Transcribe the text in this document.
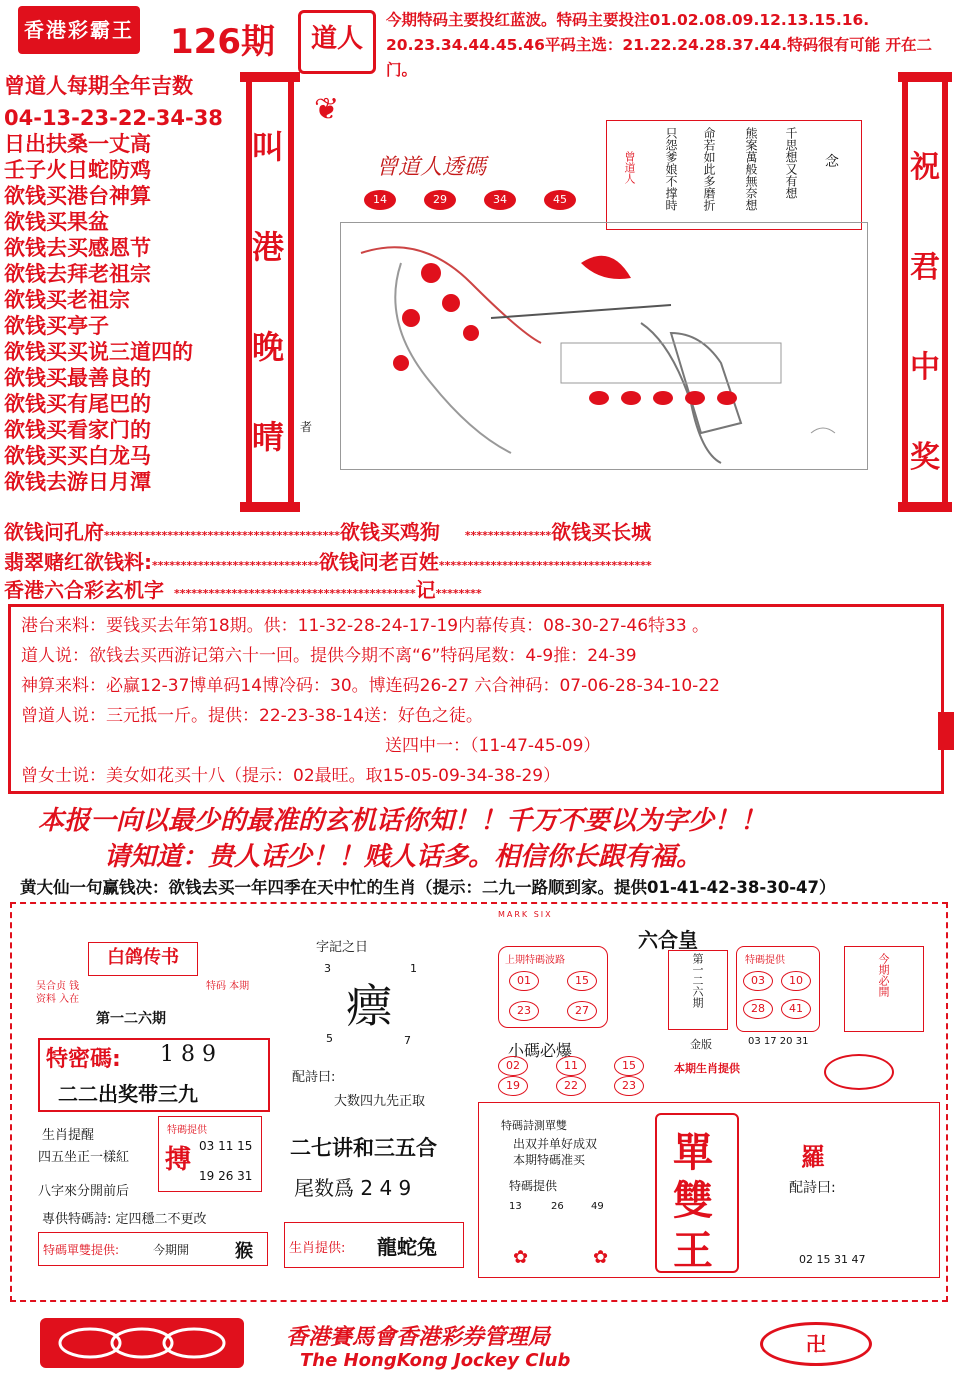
香港彩霸王 126期	道人
今期特码主要投红蓝波。特码主要投注01.02.08.09.12.13.15.16. 20.23.34.44.45.46平码主选：21.22.24.28.37.44.特码很有可能 开在二门。
曾道人每期全年吉数
04-13-23-22-34-38
日出扶桑一丈高
壬子火日蛇防鸡
欲钱买港台神算
欲钱买果盆
欲钱去买感恩节
欲钱去拜老祖宗
欲钱买老祖宗
欲钱买亭子
欲钱买买说三道四的
欲钱买最善良的
欲钱买有尾巴的
欲钱买看家门的
欲钱买买白龙马
欲钱去游日月潭
叫
港
晚
晴
❦
曾道人透碼
14	29	34	45
千思想又有想
熊案萬般無奈想
命若如此多磨折
只怨爹娘不撑時	念
曾道人
者
祝
君
中
奖
欲钱问孔府*****************************************欲钱买鸡狗 ***************欲钱买长城
翡翠赌红欲钱料:*****************************欲钱问老百姓*************************************
香港六合彩玄机字 ******************************************记********
港台来料：要钱买去年第18期。供：11-32-28-24-17-19内幕传真：08-30-27-46特33 。
道人说：欲钱去买西游记第六十一回。提供今期不离“6”特码尾数：4-9推：24-39
神算来料：必赢12-37博单码14博冷码：30。博连码26-27 六合神码：07-06-28-34-10-22
曾道人说：三元抵一斤。提供：22-23-38-14送：好色之徒。
送四中一：（11-47-45-09）
曾女士说：美女如花买十八（提示：02最旺。取15-05-09-34-38-29）
本报一向以最少的最准的玄机话你知！！千万不要以为字少！！
请知道：贵人话少！！贱人话多。相信你长跟有福。
黄大仙一句赢钱决：欲钱去买一年四季在天中忙的生肖（提示：二九一路顺到家。提供01-41-42-38-30-47）
白鸽传书
吴合贞 钱 资料 入在
特码 本期
第一二六期
字記之日
3	1
瘭
5	7
特密碼: 1 8 9
二二出奖带三九
配詩曰:
大数四九先正取
生肖提醒
四五坐正一樣紅
八字來分開前后
特碼提供
搏 03 11 15
19 26 31
二七讲和三五合
尾数爲 2 4 9
專供特碼詩: 定四穩二不更改
特碼單雙提供:	今期開	猴	生肖提供: 龍蛇兔
MARK SIX
六合皇
上期特碼波路
01	15
23	27
第一二六期
金版
特碼提供
03	10
28	41
今期必開
03 17 20 31
小碼必爆
02	11	15
19	22	23
本期生肖提供
特碼詩測單雙
出双并单好成双
本期特碼准买
特碼提供
13	26	49
✿	✿
單
雙
王
羅
配詩曰:
02 15 31 47
香港賽馬會香港彩券管理局
The HongKong Jockey Club
卍
